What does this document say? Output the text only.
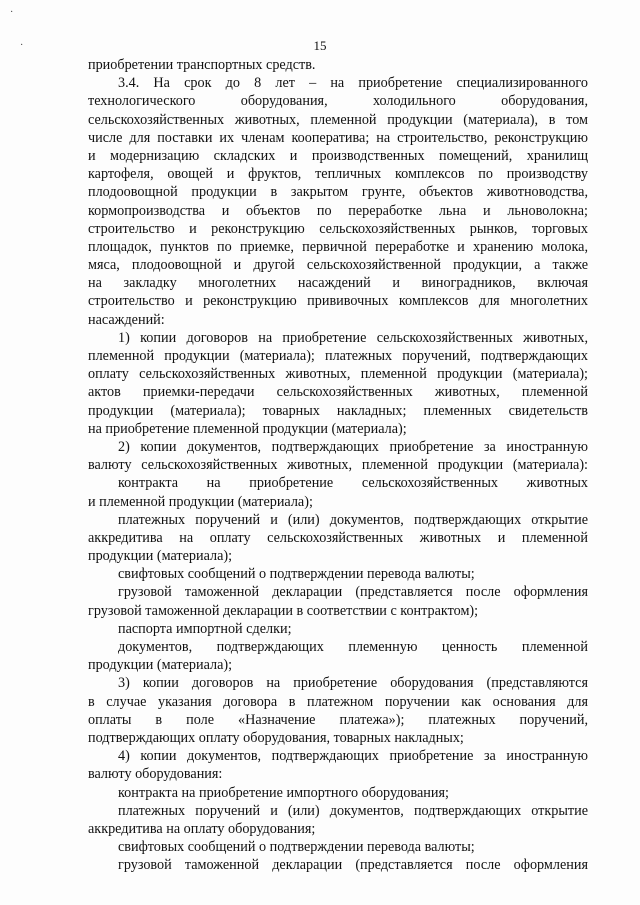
·
·	15
приобретении транспортных средств.
3.4. На срок до 8 лет – на приобретение специализированного
технологического оборудования, холодильного оборудования,
сельскохозяйственных животных, племенной продукции (материала), в том
числе для поставки их членам кооператива; на строительство, реконструкцию
и модернизацию складских и производственных помещений, хранилищ
картофеля, овощей и фруктов, тепличных комплексов по производству
плодоовощной продукции в закрытом грунте, объектов животноводства,
кормопроизводства и объектов по переработке льна и льноволокна;
строительство и реконструкцию сельскохозяйственных рынков, торговых
площадок, пунктов по приемке, первичной переработке и хранению молока,
мяса, плодоовощной и другой сельскохозяйственной продукции, а также
на закладку многолетних насаждений и виноградников, включая
строительство и реконструкцию прививочных комплексов для многолетних
насаждений:
1) копии договоров на приобретение сельскохозяйственных животных,
племенной продукции (материала); платежных поручений, подтверждающих
оплату сельскохозяйственных животных, племенной продукции (материала);
актов приемки-передачи сельскохозяйственных животных, племенной
продукции (материала); товарных накладных; племенных свидетельств
на приобретение племенной продукции (материала);
2) копии документов, подтверждающих приобретение за иностранную
валюту сельскохозяйственных животных, племенной продукции (материала):
контракта на приобретение сельскохозяйственных животных
и племенной продукции (материала);
платежных поручений и (или) документов, подтверждающих открытие
аккредитива на оплату сельскохозяйственных животных и племенной
продукции (материала);
свифтовых сообщений о подтверждении перевода валюты;
грузовой таможенной декларации (представляется после оформления
грузовой таможенной декларации в соответствии с контрактом);
паспорта импортной сделки;
документов, подтверждающих племенную ценность племенной
продукции (материала);
3) копии договоров на приобретение оборудования (представляются
в случае указания договора в платежном поручении как основания для
оплаты в поле «Назначение платежа»); платежных поручений,
подтверждающих оплату оборудования, товарных накладных;
4) копии документов, подтверждающих приобретение за иностранную
валюту оборудования:
контракта на приобретение импортного оборудования;
платежных поручений и (или) документов, подтверждающих открытие
аккредитива на оплату оборудования;
свифтовых сообщений о подтверждении перевода валюты;
грузовой таможенной декларации (представляется после оформления
